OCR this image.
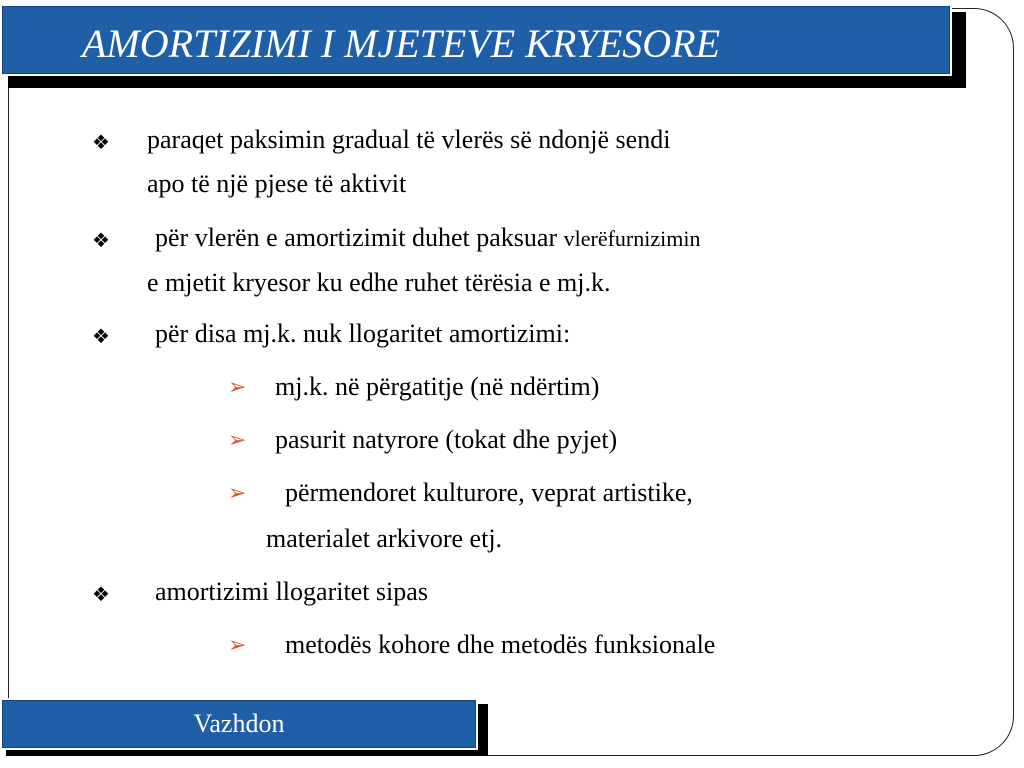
AMORTIZIMI I MJETEVE KRYESORE
❖ paraqet paksimin gradual të vlerës së ndonjë sendi
apo të një pjese të aktivit
❖ për vlerën e amortizimit duhet paksuar vlerëfurnizimin
e mjetit kryesor ku edhe ruhet tërësia e mj.k.
❖ për disa mj.k. nuk llogaritet amortizimi:
➢ mj.k. në përgatitje (në ndërtim)
➢ pasurit natyrore (tokat dhe pyjet)
➢ përmendoret kulturore, veprat artistike,
materialet arkivore etj.
❖ amortizimi llogaritet sipas
➢ metodës kohore dhe metodës funksionale
Vazhdon
